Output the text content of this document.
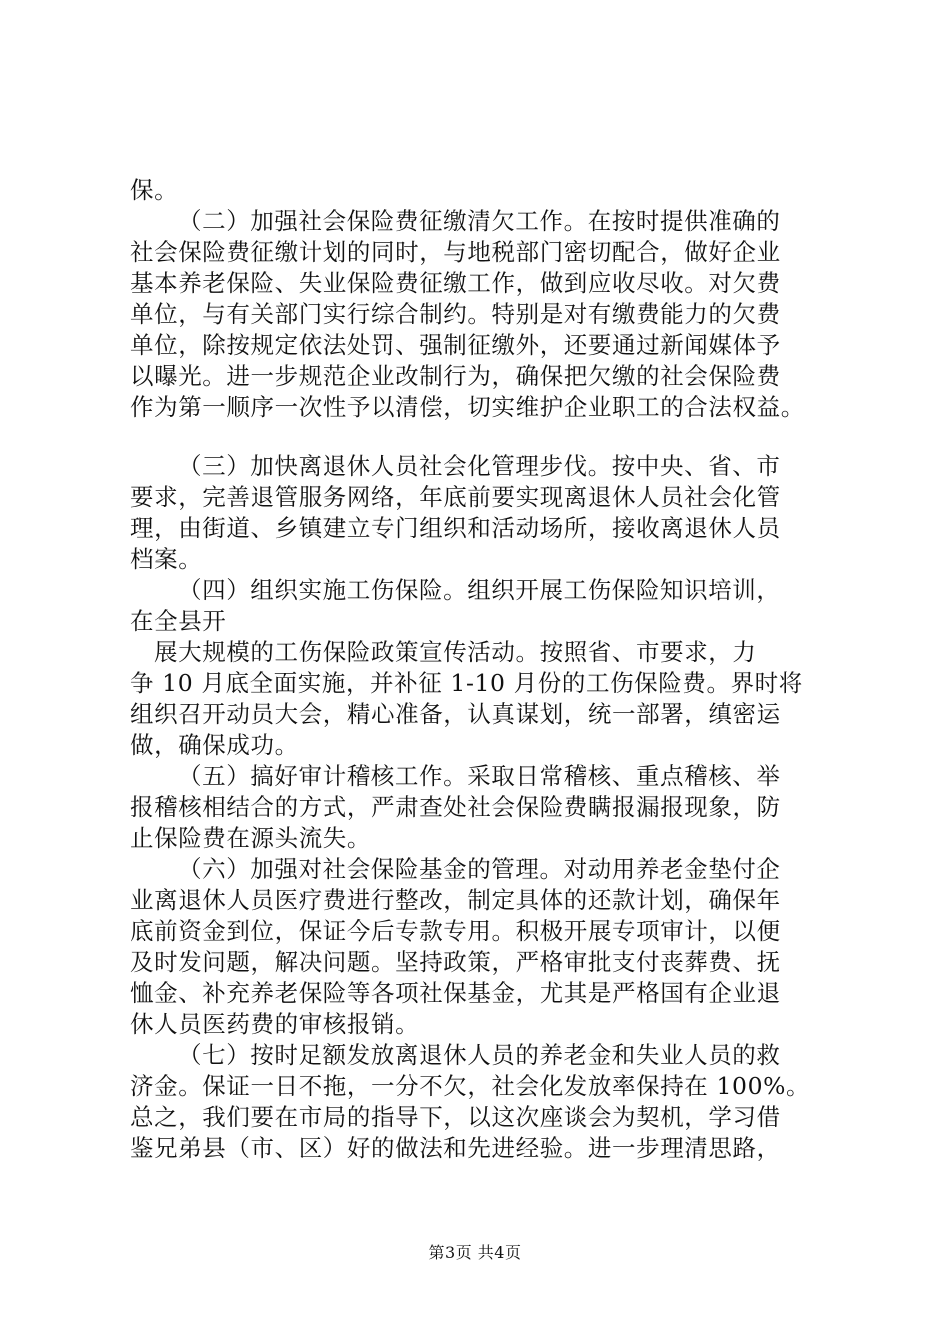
保。
（二）加强社会保险费征缴清欠工作。在按时提供准确的
社会保险费征缴计划的同时，与地税部门密切配合，做好企业
基本养老保险、失业保险费征缴工作，做到应收尽收。对欠费
单位，与有关部门实行综合制约。特别是对有缴费能力的欠费
单位，除按规定依法处罚、强制征缴外，还要通过新闻媒体予
以曝光。进一步规范企业改制行为，确保把欠缴的社会保险费
作为第一顺序一次性予以清偿，切实维护企业职工的合法权益。
（三）加快离退休人员社会化管理步伐。按中央、省、市
要求，完善退管服务网络，年底前要实现离退休人员社会化管
理，由街道、乡镇建立专门组织和活动场所，接收离退休人员
档案。
（四）组织实施工伤保险。组织开展工伤保险知识培训，
在全县开
展大规模的工伤保险政策宣传活动。按照省、市要求，力
争 10 月底全面实施，并补征 1-10 月份的工伤保险费。界时将
组织召开动员大会，精心准备，认真谋划，统一部署，缜密运
做，确保成功。
（五）搞好审计稽核工作。采取日常稽核、重点稽核、举
报稽核相结合的方式，严肃查处社会保险费瞒报漏报现象，防
止保险费在源头流失。
（六）加强对社会保险基金的管理。对动用养老金垫付企
业离退休人员医疗费进行整改，制定具体的还款计划，确保年
底前资金到位，保证今后专款专用。积极开展专项审计，以便
及时发问题，解决问题。坚持政策，严格审批支付丧葬费、抚
恤金、补充养老保险等各项社保基金，尤其是严格国有企业退
休人员医药费的审核报销。
（七）按时足额发放离退休人员的养老金和失业人员的救
济金。保证一日不拖，一分不欠，社会化发放率保持在 100%。
总之，我们要在市局的指导下，以这次座谈会为契机，学习借
鉴兄弟县（市、区）好的做法和先进经验。进一步理清思路，
第3页 共4页
